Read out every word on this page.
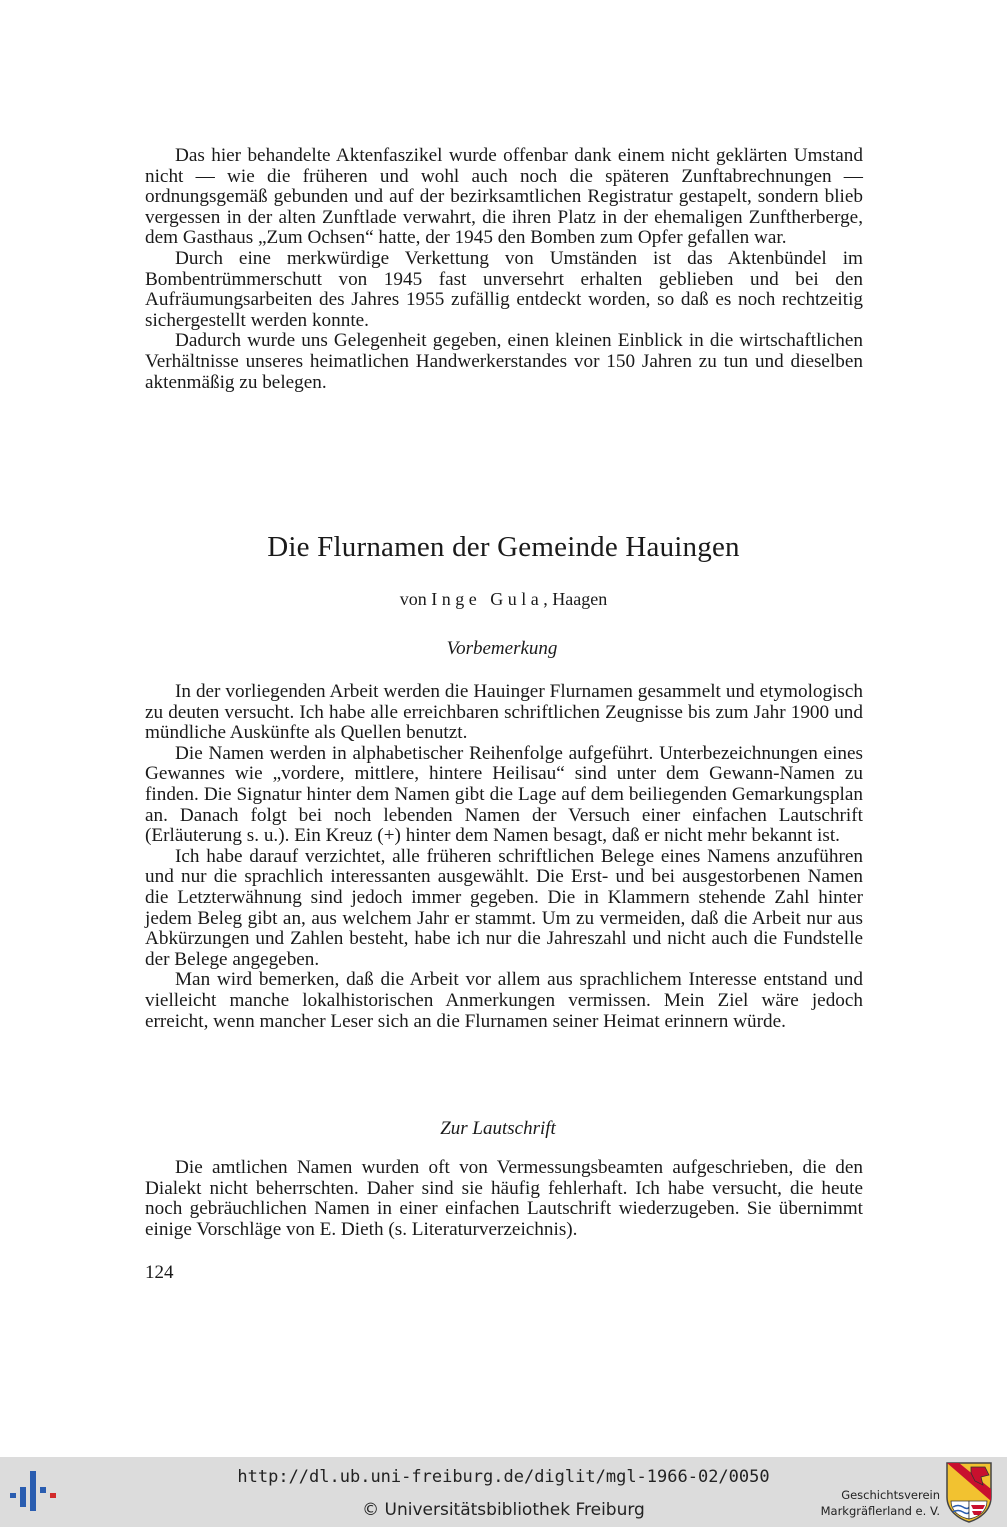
Das hier behandelte Aktenfaszikel wurde offenbar dank einem nicht geklärten Umstand nicht — wie die früheren und wohl auch noch die späteren Zunftabrechnungen — ordnungsgemäß gebunden und auf der bezirksamtlichen Registratur gestapelt, sondern blieb vergessen in der alten Zunftlade verwahrt, die ihren Platz in der ehemaligen Zunftherberge, dem Gasthaus „Zum Ochsen“ hatte, der 1945 den Bomben zum Opfer gefallen war.

Durch eine merkwürdige Verkettung von Umständen ist das Aktenbündel im Bombentrümmerschutt von 1945 fast unversehrt erhalten geblieben und bei den Aufräumungsarbeiten des Jahres 1955 zufällig entdeckt worden, so daß es noch rechtzeitig sichergestellt werden konnte.

Dadurch wurde uns Gelegenheit gegeben, einen kleinen Einblick in die wirtschaftlichen Verhältnisse unseres heimatlichen Handwerkerstandes vor 150 Jahren zu tun und dieselben aktenmäßig zu belegen.

Die Flurnamen der Gemeinde Hauingen
von Inge Gula, Haagen
Vorbemerkung

In der vorliegenden Arbeit werden die Hauinger Flurnamen gesammelt und etymologisch zu deuten versucht. Ich habe alle erreichbaren schriftlichen Zeugnisse bis zum Jahr 1900 und mündliche Auskünfte als Quellen benutzt.

Die Namen werden in alphabetischer Reihenfolge aufgeführt. Unterbezeichnungen eines Gewannes wie „vordere, mittlere, hintere Heilisau“ sind unter dem Gewann-Namen zu finden. Die Signatur hinter dem Namen gibt die Lage auf dem beiliegenden Gemarkungsplan an. Danach folgt bei noch lebenden Namen der Versuch einer einfachen Lautschrift (Erläuterung s. u.). Ein Kreuz (+) hinter dem Namen besagt, daß er nicht mehr bekannt ist.

Ich habe darauf verzichtet, alle früheren schriftlichen Belege eines Namens anzuführen und nur die sprachlich interessanten ausgewählt. Die Erst- und bei ausgestorbenen Namen die Letzterwähnung sind jedoch immer gegeben. Die in Klammern stehende Zahl hinter jedem Beleg gibt an, aus welchem Jahr er stammt. Um zu vermeiden, daß die Arbeit nur aus Abkürzungen und Zahlen besteht, habe ich nur die Jahreszahl und nicht auch die Fundstelle der Belege angegeben.

Man wird bemerken, daß die Arbeit vor allem aus sprachlichem Interesse entstand und vielleicht manche lokalhistorischen Anmerkungen vermissen. Mein Ziel wäre jedoch erreicht, wenn mancher Leser sich an die Flurnamen seiner Heimat erinnern würde.

Zur Lautschrift

Die amtlichen Namen wurden oft von Vermessungsbeamten aufgeschrieben, die den Dialekt nicht beherrschten. Daher sind sie häufig fehlerhaft. Ich habe versucht, die heute noch gebräuchlichen Namen in einer einfachen Lautschrift wiederzugeben. Sie übernimmt einige Vorschläge von E. Dieth (s. Literaturverzeichnis).

124
http://dl.ub.uni-freiburg.de/diglit/mgl-1966-02/0050
© Universitätsbibliothek Freiburg
Geschichtsverein
Markgräflerland e. V.
